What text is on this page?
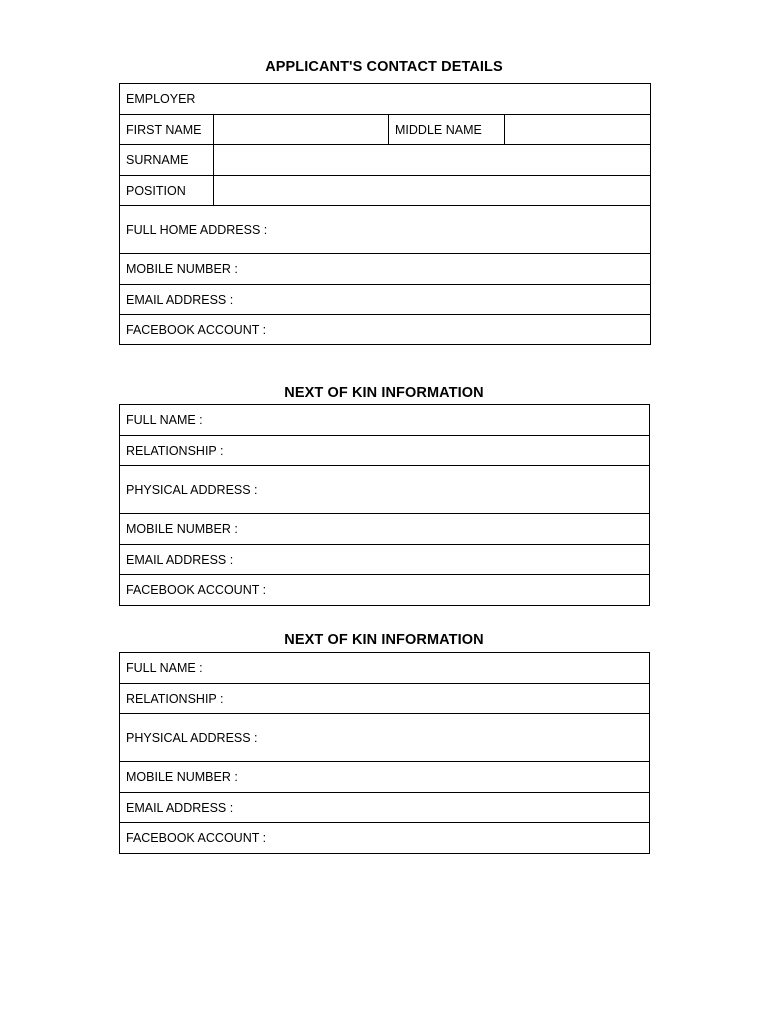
APPLICANT'S CONTACT DETAILS
EMPLOYER			
FIRST NAME		MIDDLE NAME	
SURNAME			
POSITION			
FULL HOME ADDRESS :			
MOBILE NUMBER :			
EMAIL ADDRESS :			
FACEBOOK ACCOUNT :			
NEXT OF KIN INFORMATION
FULL NAME :
RELATIONSHIP :
PHYSICAL ADDRESS :
MOBILE NUMBER :
EMAIL ADDRESS :
FACEBOOK ACCOUNT :
NEXT OF KIN INFORMATION
FULL NAME :
RELATIONSHIP :
PHYSICAL ADDRESS :
MOBILE NUMBER :
EMAIL ADDRESS :
FACEBOOK ACCOUNT :
